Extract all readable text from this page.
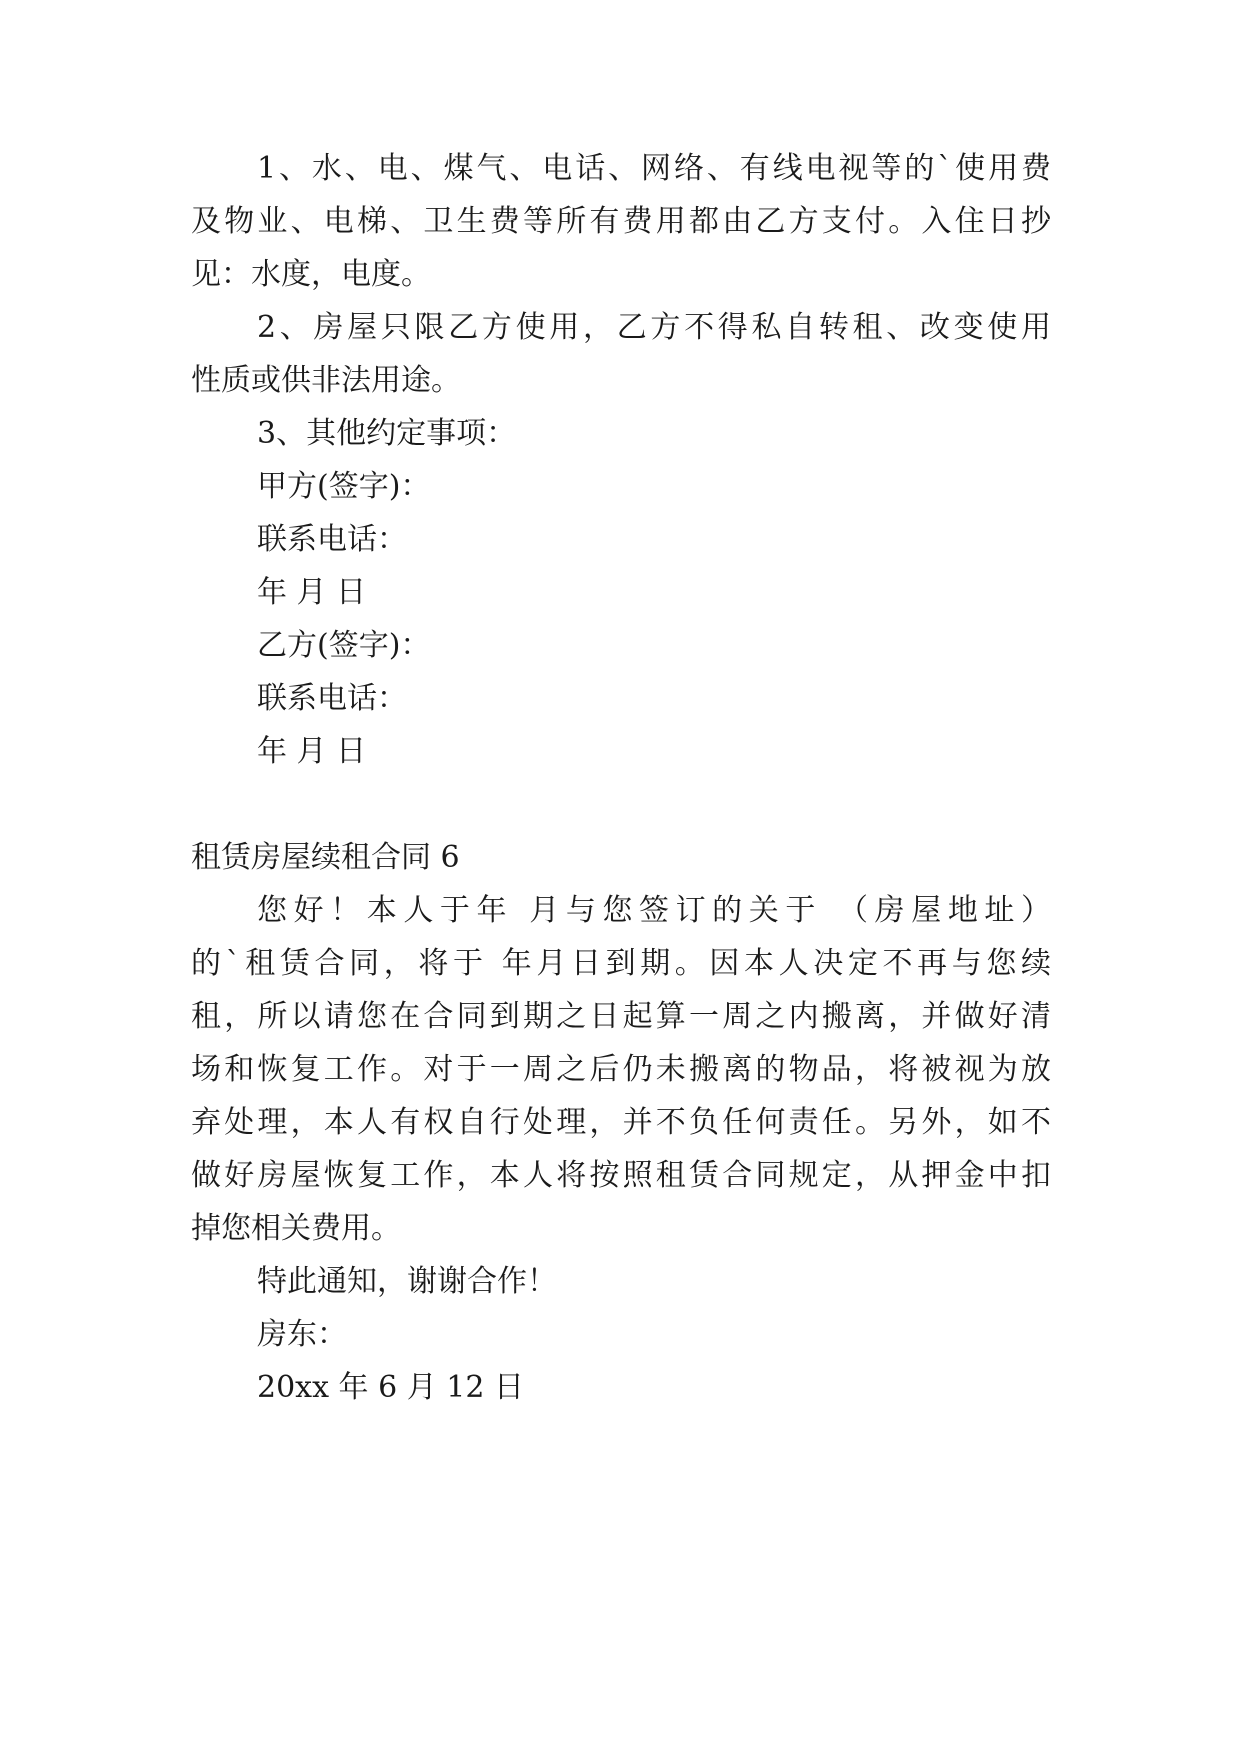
1、水、电、煤气、电话、网络、有线电视等的`使用费
及物业、电梯、卫生费等所有费用都由乙方支付。入住日抄
见：水度，电度。
2、房屋只限乙方使用，乙方不得私自转租、改变使用
性质或供非法用途。
3、其他约定事项：
甲方(签字)：
联系电话：
年 月 日
乙方(签字)：
联系电话：
年 月 日
租赁房屋续租合同 6
您好！本人于年 月与您签订的关于 （房屋地址）
的`租赁合同，将于 年月日到期。因本人决定不再与您续
租，所以请您在合同到期之日起算一周之内搬离，并做好清
场和恢复工作。对于一周之后仍未搬离的物品，将被视为放
弃处理，本人有权自行处理，并不负任何责任。另外，如不
做好房屋恢复工作，本人将按照租赁合同规定，从押金中扣
掉您相关费用。
特此通知，谢谢合作！
房东：
20xx 年 6 月 12 日
